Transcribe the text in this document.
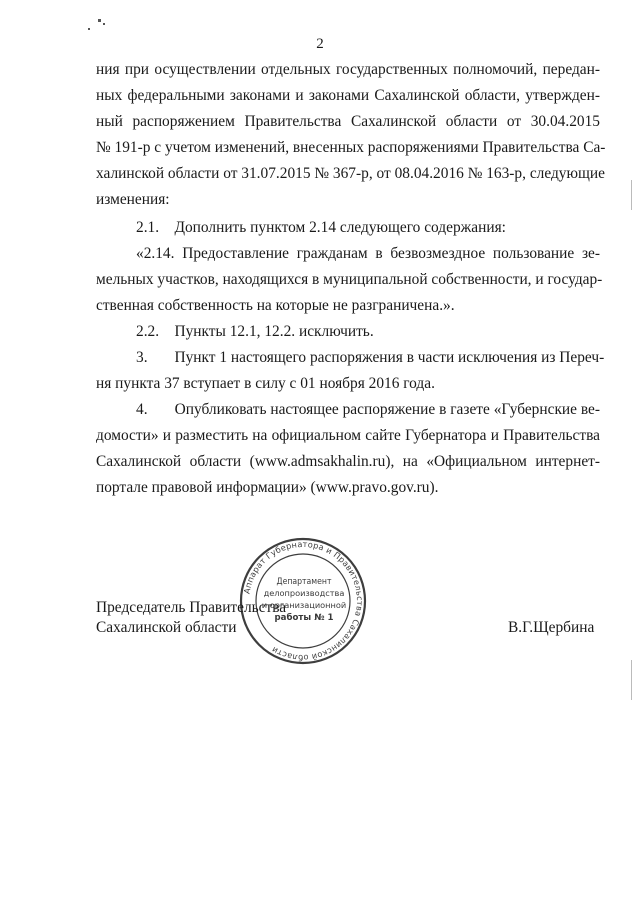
2
ния при осуществлении отдельных государственных полномочий, передан-
ных федеральными законами и законами Сахалинской области, утвержден-
ный распоряжением Правительства Сахалинской области от 30.04.2015
№ 191-р с учетом изменений, внесенных распоряжениями Правительства Са-
халинской области от 31.07.2015 № 367-р, от 08.04.2016 № 163-р, следующие
изменения:
2.1.    Дополнить пунктом 2.14 следующего содержания:
«2.14. Предоставление гражданам в безвозмездное пользование зе-
мельных участков, находящихся в муниципальной собственности, и государ-
ственная собственность на которые не разграничена.».
2.2.    Пункты 12.1, 12.2. исключить.
3.       Пункт 1 настоящего распоряжения в части исключения из Переч-
ня пункта 37 вступает в силу с 01 ноября 2016 года.
4.       Опубликовать настоящее распоряжение в газете «Губернские ве-
домости» и разместить на официальном сайте Губернатора и Правительства
Сахалинской области (www.admsakhalin.ru), на «Официальном интернет-
портале правовой информации» (www.pravo.gov.ru).
Председатель Правительства
Сахалинской области	В.Г.Щербина
Аппарат Губернатора и Правительства Сахалинской области
Департамент
делопроизводства
и организационной
работы № 1
